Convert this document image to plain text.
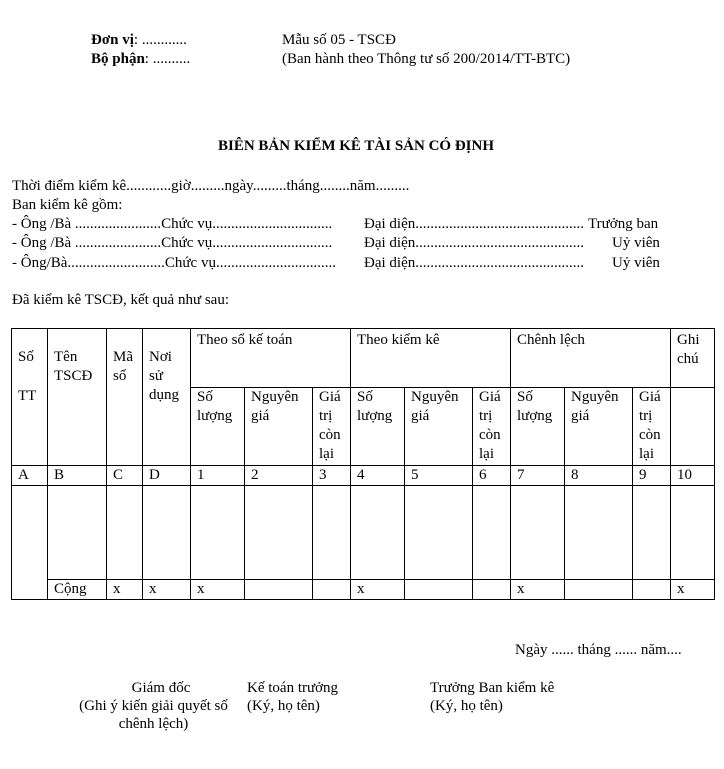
Đơn vị: ............
Bộ phận: ..........
Mẫu số 05 - TSCĐ
(Ban hành theo Thông tư số 200/2014/TT-BTC)
BIÊN BẢN KIỂM KÊ TÀI SẢN CÓ ĐỊNH
Thời điểm kiểm kê............giờ.........ngày.........tháng........năm.........
Ban kiểm kê gồm:
- Ông /Bà .......................Chức vụ................................ Đại diện............................................. Trưởng ban
- Ông /Bà .......................Chức vụ................................ Đại diện............................................. Uỷ viên
- Ông/Bà..........................Chức vụ................................ Đại diện............................................. Uỷ viên
Đã kiểm kê TSCĐ, kết quả như sau:
Số
TT	Tên TSCĐ	Mã số	Nơi sử dụng	Theo sổ kế toán			Theo kiểm kê			Chênh lệch			Ghi chú

				Số lượng	Nguyên giá	Giá trị còn lại	Số lượng	Nguyên giá	Giá trị còn lại	Số lượng	Nguyên giá	Giá trị còn lại	

A	B	C	D	1	2	3	4	5	6	7	8	9	10

	Cộng	x	x	x			x			x			x
Ngày ...... tháng ...... năm....
Giám đốc
(Ghi ý kiến giải quyết số chênh lệch)
Kế toán trưởng
(Ký, họ tên)
Trưởng Ban kiểm kê
(Ký, họ tên)
